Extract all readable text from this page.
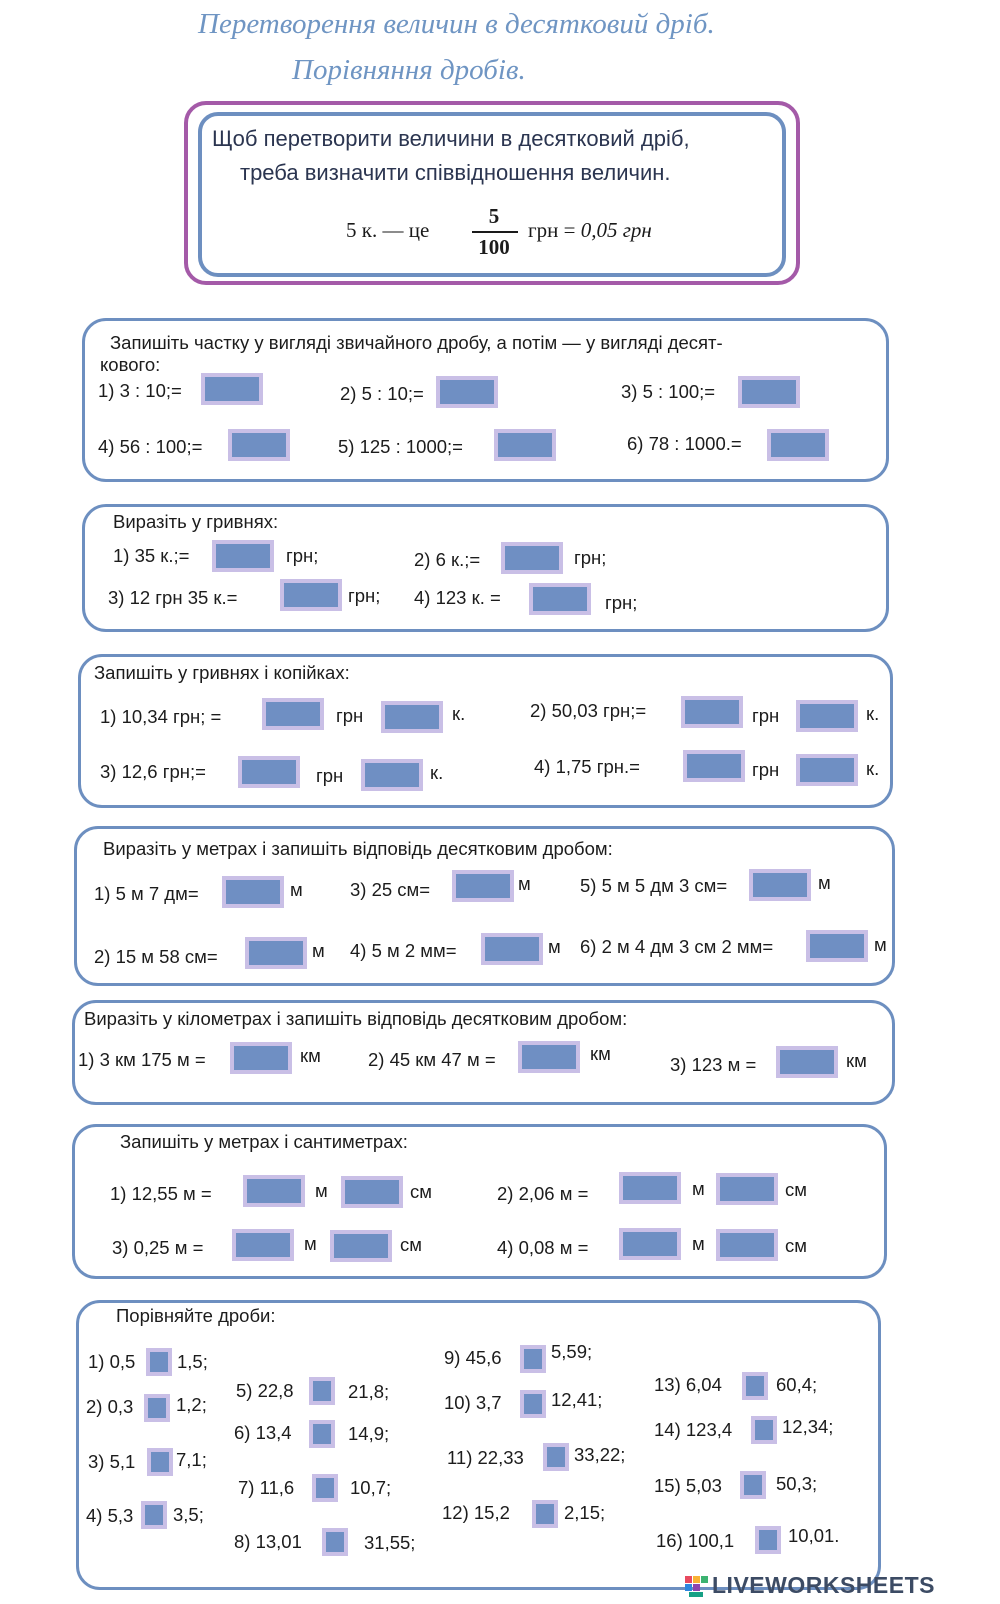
Перетворення величин в десятковий дріб.
Порівняння дробів.
Щоб перетворити величини в десятковий дріб,
треба визначити співвідношення величин.
5 к. — це
5
100
грн = 0,05 грн
Запишіть частку у вигляді звичайного дробу, а потім — у вигляді десят-
кового:
1) 3 : 10;=	2) 5 : 10;=	3) 5 : 100;=
4) 56 : 100;=	5) 125 : 1000;=	6) 78 : 1000.=
Виразіть у гривнях:
1) 35 к.;=	грн;	2) 6 к.;=	грн;
3) 12 грн 35 к.=	грн; 4) 123 к. =	грн;
Запишіть у гривнях і копійках:
1) 10,34 грн; =	грн	к.	2) 50,03 грн;=	грн	к.
3) 12,6 грн;=	грн	к.	4) 1,75 грн.=	грн	к.
Виразіть у метрах і запишіть відповідь десятковим дробом:
1) 5 м 7 дм=	м	3) 25 см=	м	5) 5 м 5 дм 3 см=	м
2) 15 м 58 см=	м 4) 5 м 2 мм=	м 6) 2 м 4 дм 3 см 2 мм=	м
Виразіть у кілометрах і запишіть відповідь десятковим дробом:
1) 3 км 175 м =	км	2) 45 км 47 м =	км
3) 123 м =	км
Запишіть у метрах і сантиметрах:
1) 12,55 м =	м	см	2) 2,06 м =	м	см
3) 0,25 м =	м	см	4) 0,08 м =	м	см
Порівняйте дроби:
1) 0,5 1,5;
2) 0,3 1,2;
3) 5,1 7,1;
4) 5,3 3,5;
5) 22,8	21,8;
6) 13,4	14,9;
7) 11,6	10,7;
8) 13,01	31,55;
9) 45,6	5,59;
10) 3,7	12,41;
11) 22,33	33,22;
12) 15,2	2,15;
13) 6,04	60,4;
14) 123,4	12,34;
15) 5,03	50,3;
16) 100,1	10,01.
LIVEWORKSHEETS
